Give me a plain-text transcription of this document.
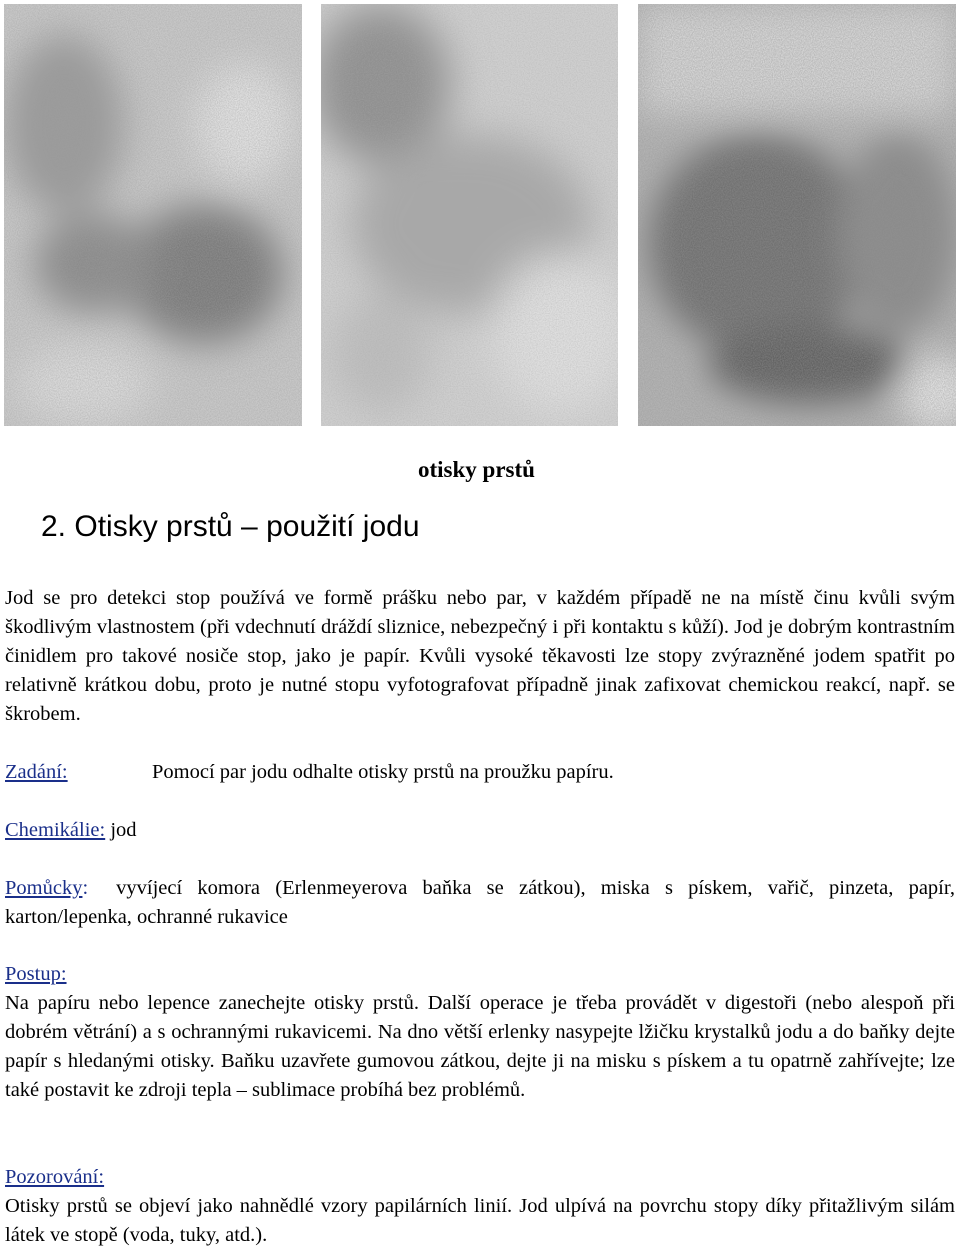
otisky prstů
2. Otisky prstů – použití jodu
Jod se pro detekci stop používá ve formě prášku nebo par, v každém případě ne na místě činu kvůli svým škodlivým vlastnostem (při vdechnutí dráždí sliznice, nebezpečný i při kontaktu s kůží). Jod je dobrým kontrastním činidlem pro takové nosiče stop, jako je papír. Kvůli vysoké těkavosti lze stopy zvýrazněné jodem spatřit po relativně krátkou dobu, proto je nutné stopu vyfotografovat případně jinak zafixovat chemickou reakcí, např. se škrobem.
Zadání:	Pomocí par jodu odhalte otisky prstů na proužku papíru.
Chemikálie: jod
Pomůcky: vyvíjecí komora (Erlenmeyerova baňka se zátkou), miska s pískem, vařič, pinzeta, papír, karton/lepenka, ochranné rukavice
Postup:
Na papíru nebo lepence zanechejte otisky prstů. Další operace je třeba provádět v digestoři (nebo alespoň při dobrém větrání) a s ochrannými rukavicemi. Na dno větší erlenky nasypejte lžičku krystalků jodu a do baňky dejte papír s hledanými otisky. Baňku uzavřete gumovou zátkou, dejte ji na misku s pískem a tu opatrně zahřívejte; lze také postavit ke zdroji tepla – sublimace probíhá bez problémů.
Pozorování:
Otisky prstů se objeví jako nahnědlé vzory papilárních linií. Jod ulpívá na povrchu stopy díky přitažlivým silám látek ve stopě (voda, tuky, atd.).
